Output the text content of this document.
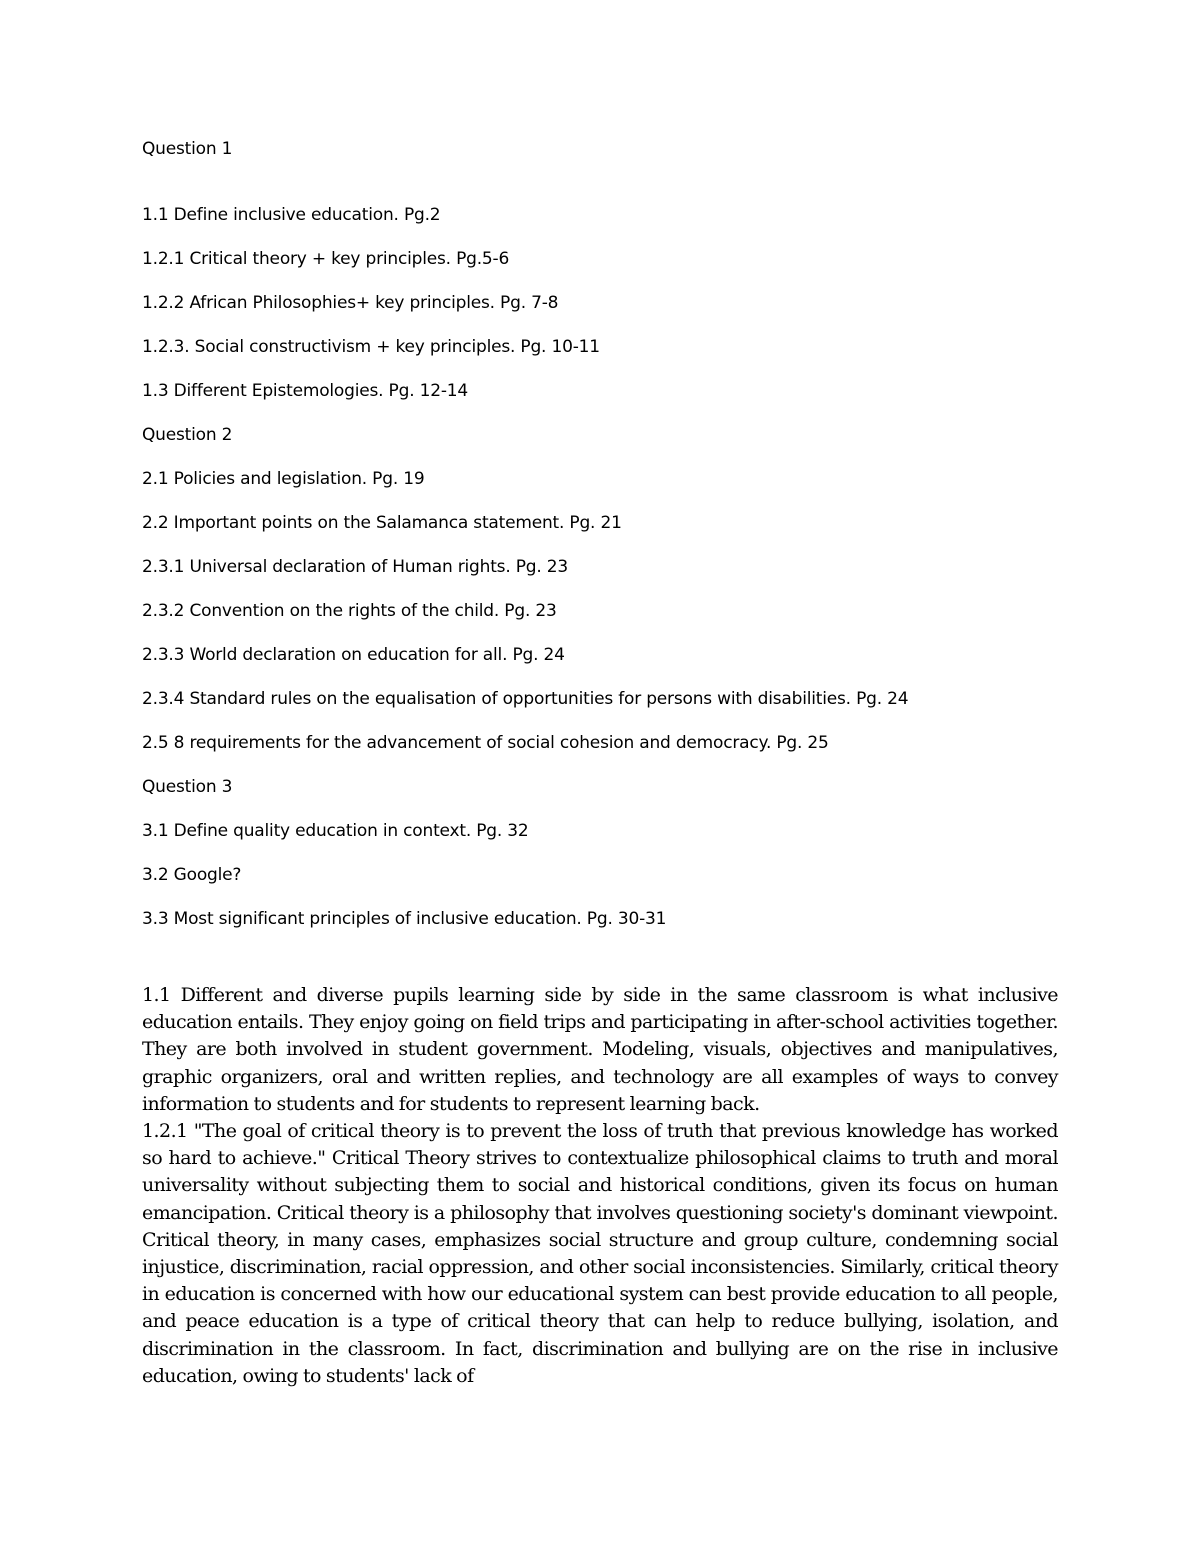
Question 1
1.1 Define inclusive education. Pg.2
1.2.1 Critical theory + key principles. Pg.5-6
1.2.2 African Philosophies+ key principles. Pg. 7-8
1.2.3. Social constructivism + key principles. Pg. 10-11
1.3 Different Epistemologies. Pg. 12-14
Question 2
2.1 Policies and legislation. Pg. 19
2.2 Important points on the Salamanca statement. Pg. 21
2.3.1 Universal declaration of Human rights. Pg. 23
2.3.2 Convention on the rights of the child. Pg. 23
2.3.3 World declaration on education for all. Pg. 24
2.3.4 Standard rules on the equalisation of opportunities for persons with disabilities. Pg. 24
2.5 8 requirements for the advancement of social cohesion and democracy. Pg. 25
Question 3
3.1 Define quality education in context. Pg. 32
3.2 Google?
3.3 Most significant principles of inclusive education. Pg. 30-31

1.1 Different and diverse pupils learning side by side in the same classroom is what inclusive education entails. They enjoy going on field trips and participating in after-school activities together. They are both involved in student government. Modeling, visuals, objectives and manipulatives, graphic organizers, oral and written replies, and technology are all examples of ways to convey information to students and for students to represent learning back.

1.2.1 "The goal of critical theory is to prevent the loss of truth that previous knowledge has worked so hard to achieve." Critical Theory strives to contextualize philosophical claims to truth and moral universality without subjecting them to social and historical conditions, given its focus on human emancipation. Critical theory is a philosophy that involves questioning society's dominant viewpoint. Critical theory, in many cases, emphasizes social structure and group culture, condemning social injustice, discrimination, racial oppression, and other social inconsistencies. Similarly, critical theory in education is concerned with how our educational system can best provide education to all people, and peace education is a type of critical theory that can help to reduce bullying, isolation, and discrimination in the classroom. In fact, discrimination and bullying are on the rise in inclusive education, owing to students' lack of
